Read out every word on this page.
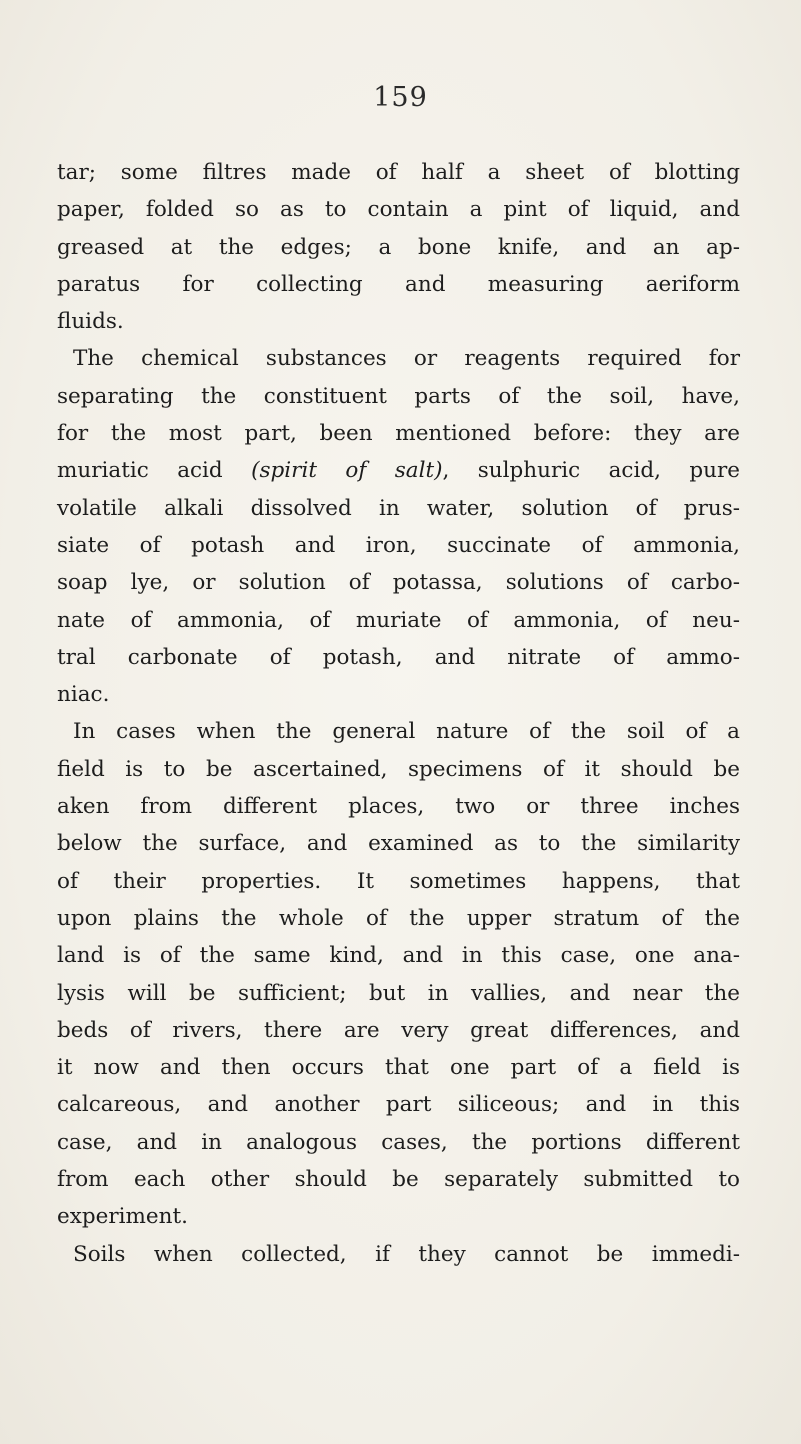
159
tar; some filtres made of half a sheet of blotting
paper, folded so as to contain a pint of liquid, and
greased at the edges; a bone knife, and an ap-
paratus for collecting and measuring aeriform
fluids.
The chemical substances or reagents required for
separating the constituent parts of the soil, have,
for the most part, been mentioned before: they are
muriatic acid (spirit of salt), sulphuric acid, pure
volatile alkali dissolved in water, solution of prus-
siate of potash and iron, succinate of ammonia,
soap lye, or solution of potassa, solutions of carbo-
nate of ammonia, of muriate of ammonia, of neu-
tral carbonate of potash, and nitrate of ammo-
niac.
In cases when the general nature of the soil of a
field is to be ascertained, specimens of it should be
aken from different places, two or three inches
below the surface, and examined as to the similarity
of their properties. It sometimes happens, that
upon plains the whole of the upper stratum of the
land is of the same kind, and in this case, one ana-
lysis will be sufficient; but in vallies, and near the
beds of rivers, there are very great differences, and
it now and then occurs that one part of a field is
calcareous, and another part siliceous; and in this
case, and in analogous cases, the portions different
from each other should be separately submitted to
experiment.
Soils when collected, if they cannot be immedi-
